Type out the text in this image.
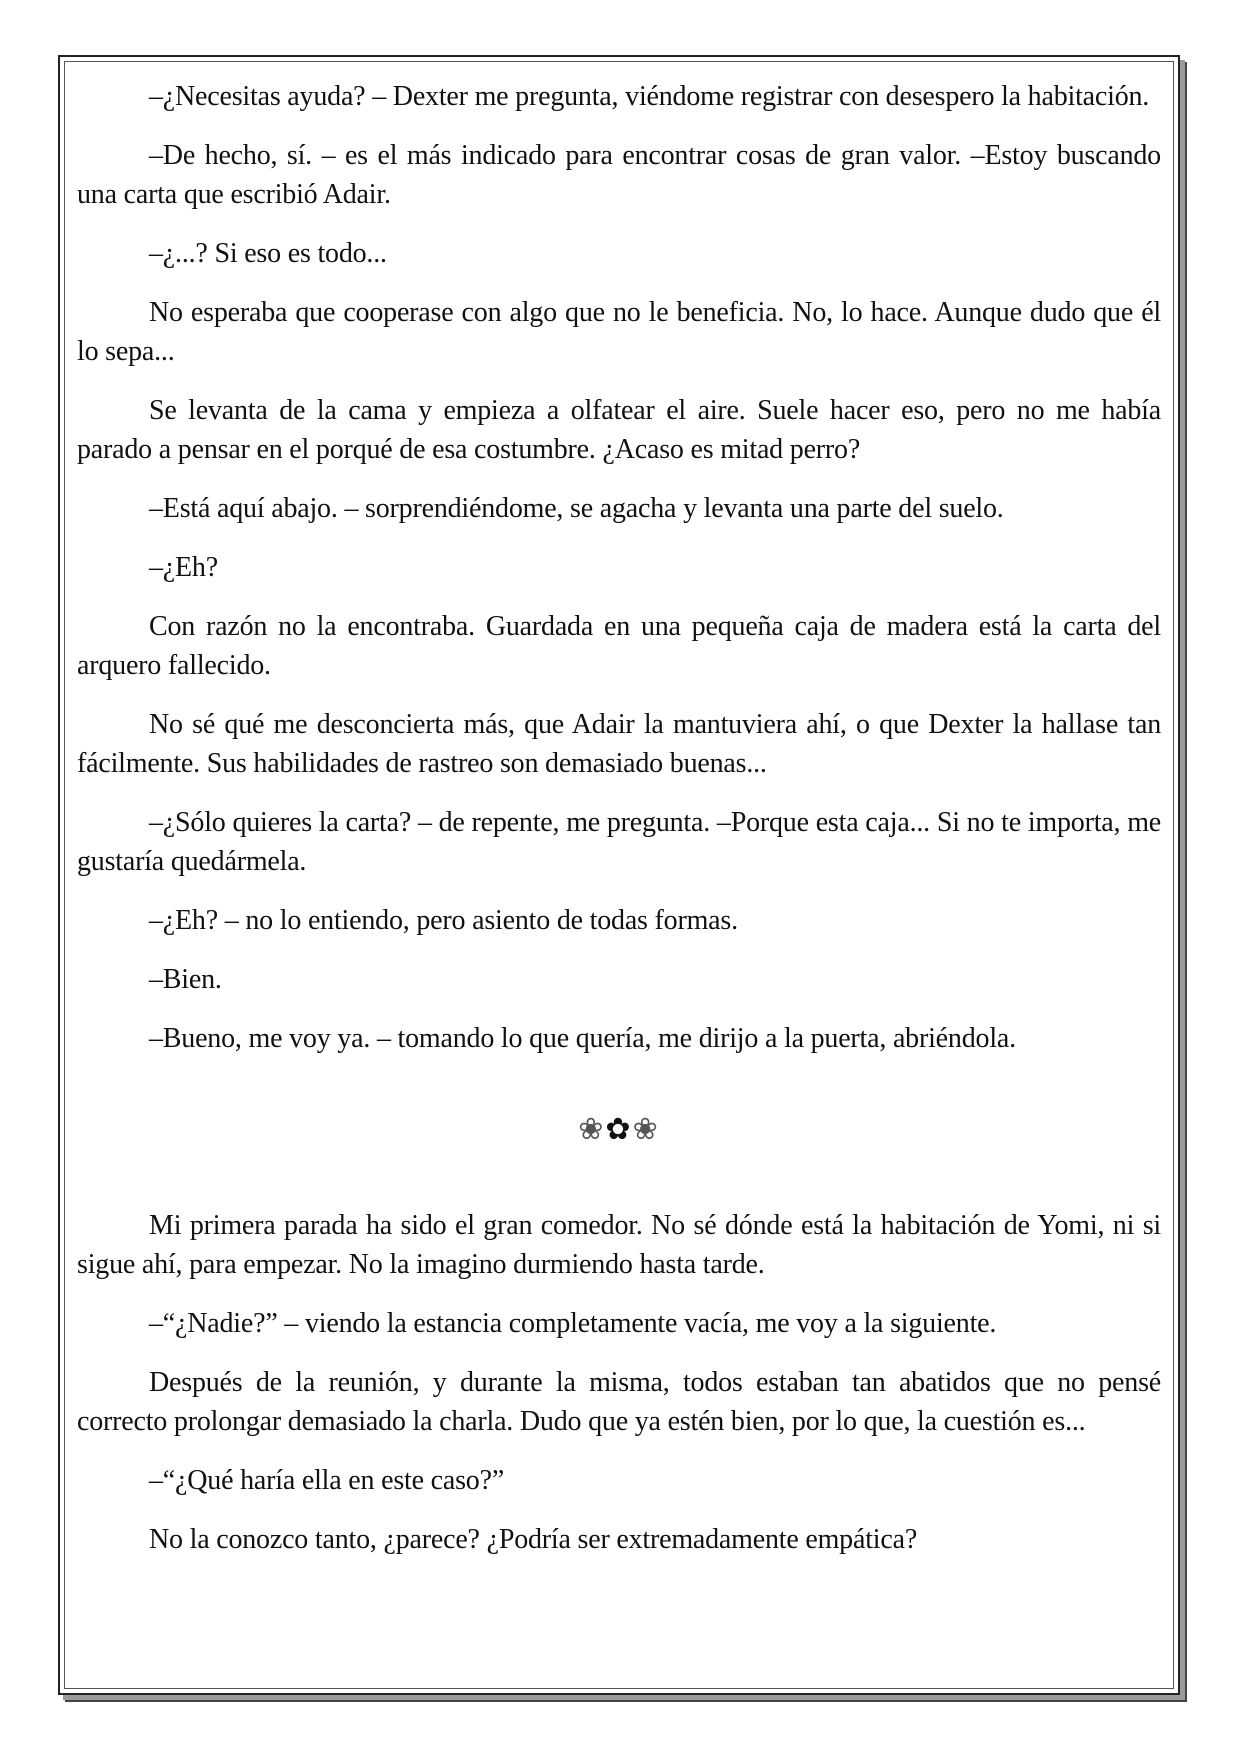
–¿Necesitas ayuda? – Dexter me pregunta, viéndome registrar con desespero la habitación.

–De hecho, sí. – es el más indicado para encontrar cosas de gran valor. –Estoy buscando una carta que escribió Adair.

–¿...? Si eso es todo...

No esperaba que cooperase con algo que no le beneficia. No, lo hace. Aunque dudo que él lo sepa...

Se levanta de la cama y empieza a olfatear el aire. Suele hacer eso, pero no me había parado a pensar en el porqué de esa costumbre. ¿Acaso es mitad perro?

–Está aquí abajo. – sorprendiéndome, se agacha y levanta una parte del suelo.

–¿Eh?

Con razón no la encontraba. Guardada en una pequeña caja de madera está la carta del arquero fallecido.

No sé qué me desconcierta más, que Adair la mantuviera ahí, o que Dexter la hallase tan fácilmente. Sus habilidades de rastreo son demasiado buenas...

–¿Sólo quieres la carta? – de repente, me pregunta. –Porque esta caja... Si no te importa, me gustaría quedármela.

–¿Eh? – no lo entiendo, pero asiento de todas formas.

–Bien.

–Bueno, me voy ya. – tomando lo que quería, me dirijo a la puerta, abriéndola.

❀✿❀

Mi primera parada ha sido el gran comedor. No sé dónde está la habitación de Yomi, ni si sigue ahí, para empezar. No la imagino durmiendo hasta tarde.

–“¿Nadie?” – viendo la estancia completamente vacía, me voy a la siguiente.

Después de la reunión, y durante la misma, todos estaban tan abatidos que no pensé correcto prolongar demasiado la charla. Dudo que ya estén bien, por lo que, la cuestión es...

–“¿Qué haría ella en este caso?”

No la conozco tanto, ¿parece? ¿Podría ser extremadamente empática?
